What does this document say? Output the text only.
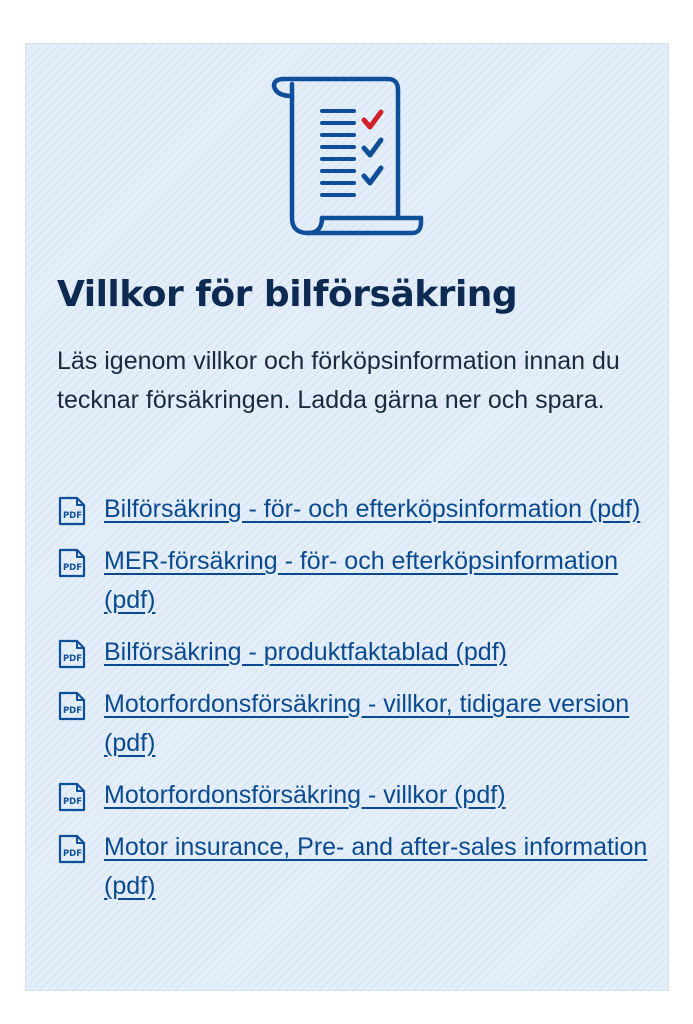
Villkor för bilförsäkring

Läs igenom villkor och förköpsinformation innan du tecknar försäkringen. Ladda gärna ner och spara.

PDF Bilförsäkring - för- och efterköpsinformation (pdf)
PDF MER-försäkring - för- och efterköpsinformation (pdf)
PDF Bilförsäkring - produktfaktablad (pdf)
PDF Motorfordonsförsäkring - villkor, tidigare version (pdf)
PDF Motorfordonsförsäkring - villkor (pdf)
PDF Motor insurance, Pre- and after-sales information (pdf)
